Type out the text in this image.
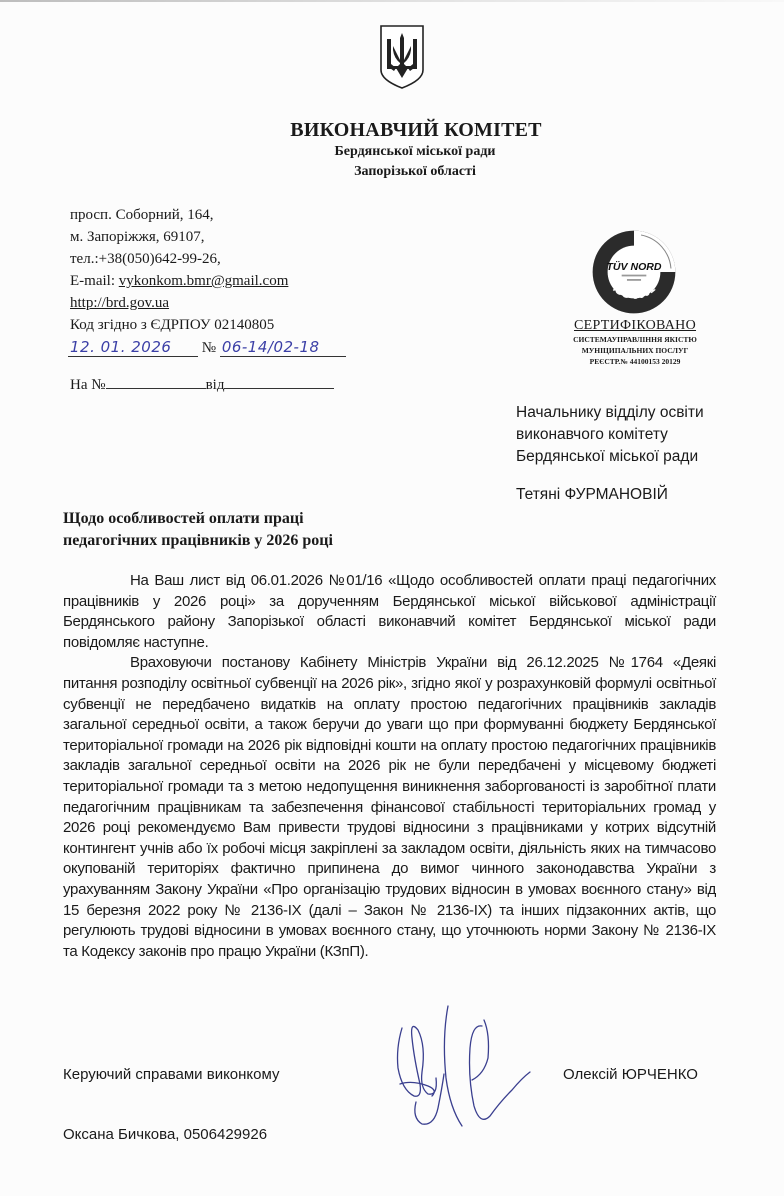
ВИКОНАВЧИЙ КОМІТЕТ
Бердянської міської ради
Запорізької області
просп. Соборний, 164,
м. Запоріжжя, 69107,
тел.:+38(050)642-99-26,
E-mail: vykonkom.bmr@gmail.com
http://brd.gov.ua
Код згідно з ЄДРПОУ 02140805
12. 01. 2026 № 06-14/02-18
На №	від
TÜV NORD
ISO 9001
СЕРТИФІКОВАНО
СИСТЕМАУПРАВЛІННЯ ЯКІСТЮ
МУНІЦИПАЛЬНИХ ПОСЛУГ
РЕЄСТР.№ 44100153 20129
Начальнику відділу освіти
виконавчого комітету
Бердянської міської ради
Тетяні ФУРМАНОВІЙ
Щодо особливостей оплати праці
педагогічних працівників у 2026 році

На Ваш лист від 06.01.2026 №01/16 «Щодо особливостей оплати праці педагогічних працівників у 2026 році» за дорученням Бердянської міської військової адміністрації Бердянського району Запорізької області виконавчий комітет Бердянської міської ради повідомляє наступне.

Враховуючи постанову Кабінету Міністрів України від 26.12.2025 №1764 «Деякі питання розподілу освітньої субвенції на 2026 рік», згідно якої у розрахунковій формулі освітньої субвенції не передбачено видатків на оплату простою педагогічних працівників закладів загальної середньої освіти, а також беручи до уваги що при формуванні бюджету Бердянської територіальної громади на 2026 рік відповідні кошти на оплату простою педагогічних працівників закладів загальної середньої освіти на 2026 рік не були передбачені у місцевому бюджеті територіальної громади та з метою недопущення виникнення заборгованості із заробітної плати педагогічним працівникам та забезпечення фінансової стабільності територіальних громад у 2026 році рекомендуємо Вам привести трудові відносини з працівниками у котрих відсутній контингент учнів або їх робочі місця закріплені за закладом освіти, діяльність яких на тимчасово окупованій територіях фактично припинена до вимог чинного законодавства України з урахуванням Закону України «Про організацію трудових відносин в умовах воєнного стану» від 15 березня 2022 року № 2136-IX (далі – Закон № 2136-IX) та інших підзаконних актів, що регулюють трудові відносини в умовах воєнного стану, що уточнюють норми Закону № 2136-IX та Кодексу законів про працю України (КЗпП).

Керуючий справами виконкому	Олексій ЮРЧЕНКО
Оксана Бичкова, 0506429926
